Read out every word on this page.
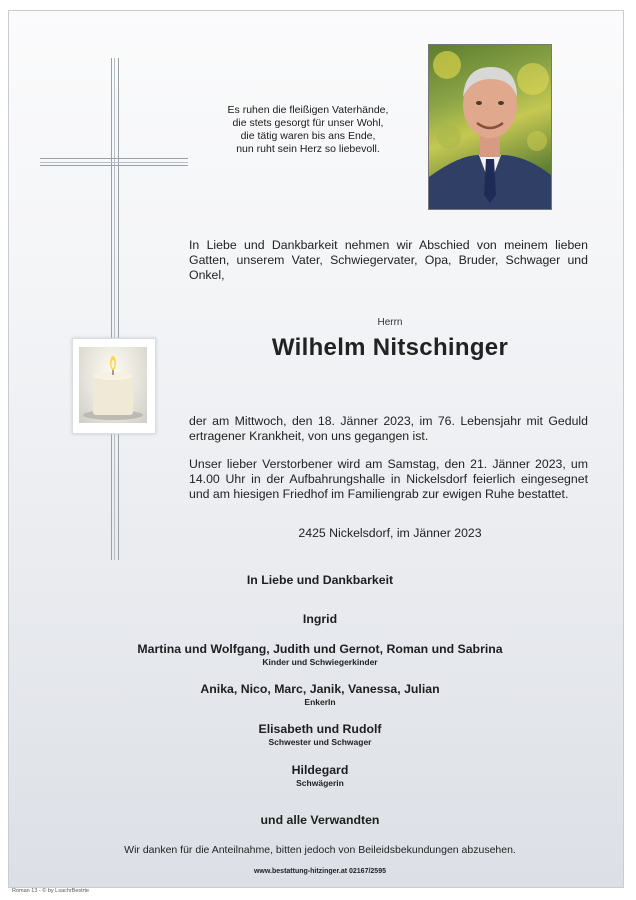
Es ruhen die fleißigen Vaterhände,
die stets gesorgt für unser Wohl,
die tätig waren bis ans Ende,
nun ruht sein Herz so liebevoll.
In Liebe und Dankbarkeit nehmen wir Abschied von meinem lieben Gatten, unserem Vater, Schwiegervater, Opa, Bruder, Schwager und Onkel,
Herrn
Wilhelm Nitschinger
der am Mittwoch, den 18. Jänner 2023, im 76. Lebensjahr mit Geduld ertragener Krankheit, von uns gegangen ist.
Unser lieber Verstorbener wird am Samstag, den 21. Jänner 2023, um 14.00 Uhr in der Aufbahrungshalle in Nickelsdorf feierlich eingesegnet und am hiesigen Friedhof im Familiengrab zur ewigen Ruhe bestattet.
2425 Nickelsdorf, im Jänner 2023
In Liebe und Dankbarkeit
Ingrid
Martina und Wolfgang, Judith und Gernot, Roman und Sabrina
Kinder und Schwiegerkinder
Anika, Nico, Marc, Janik, Vanessa, Julian
EnkerIn
Elisabeth und Rudolf
Schwester und Schwager
Hildegard
Schwägerin
und alle Verwandten
Wir danken für die Anteilnahme, bitten jedoch von Beileidsbekundungen abzusehen.
www.bestattung-hitzinger.at 02167/2595
Roman 13 - © by LsachrBestrte
